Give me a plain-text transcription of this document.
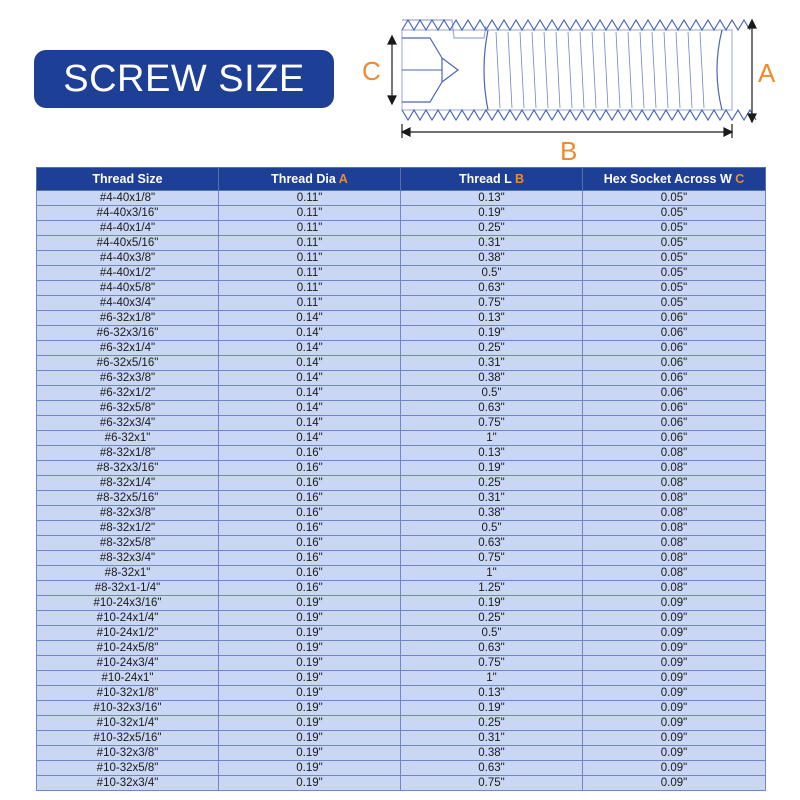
SCREW SIZE C	A
B
Thread Size	Thread Dia A	Thread L B	Hex Socket Across W C
#4-40x1/8"	0.11"	0.13"	0.05"
#4-40x3/16"	0.11"	0.19"	0.05"
#4-40x1/4"	0.11"	0.25"	0.05"
#4-40x5/16"	0.11"	0.31"	0.05"
#4-40x3/8"	0.11"	0.38"	0.05"
#4-40x1/2"	0.11"	0.5"	0.05"
#4-40x5/8"	0.11"	0.63"	0.05"
#4-40x3/4"	0.11"	0.75"	0.05"
#6-32x1/8"	0.14"	0.13"	0.06"
#6-32x3/16"	0.14"	0.19"	0.06"
#6-32x1/4"	0.14"	0.25"	0.06"
#6-32x5/16"	0.14"	0.31"	0.06"
#6-32x3/8"	0.14"	0.38"	0.06"
#6-32x1/2"	0.14"	0.5"	0.06"
#6-32x5/8"	0.14"	0.63"	0.06"
#6-32x3/4"	0.14"	0.75"	0.06"
#6-32x1"	0.14"	1"	0.06"
#8-32x1/8"	0.16"	0.13"	0.08"
#8-32x3/16"	0.16"	0.19"	0.08"
#8-32x1/4"	0.16"	0.25"	0.08"
#8-32x5/16"	0.16"	0.31"	0.08"
#8-32x3/8"	0.16"	0.38"	0.08"
#8-32x1/2"	0.16"	0.5"	0.08"
#8-32x5/8"	0.16"	0.63"	0.08"
#8-32x3/4"	0.16"	0.75"	0.08"
#8-32x1"	0.16"	1"	0.08"
#8-32x1-1/4"	0.16"	1.25"	0.08"
#10-24x3/16"	0.19"	0.19"	0.09"
#10-24x1/4"	0.19"	0.25"	0.09"
#10-24x1/2"	0.19"	0.5"	0.09"
#10-24x5/8"	0.19"	0.63"	0.09"
#10-24x3/4"	0.19"	0.75"	0.09"
#10-24x1"	0.19"	1"	0.09"
#10-32x1/8"	0.19"	0.13"	0.09"
#10-32x3/16"	0.19"	0.19"	0.09"
#10-32x1/4"	0.19"	0.25"	0.09"
#10-32x5/16"	0.19"	0.31"	0.09"
#10-32x3/8"	0.19"	0.38"	0.09"
#10-32x5/8"	0.19"	0.63"	0.09"
#10-32x3/4"	0.19"	0.75"	0.09"
